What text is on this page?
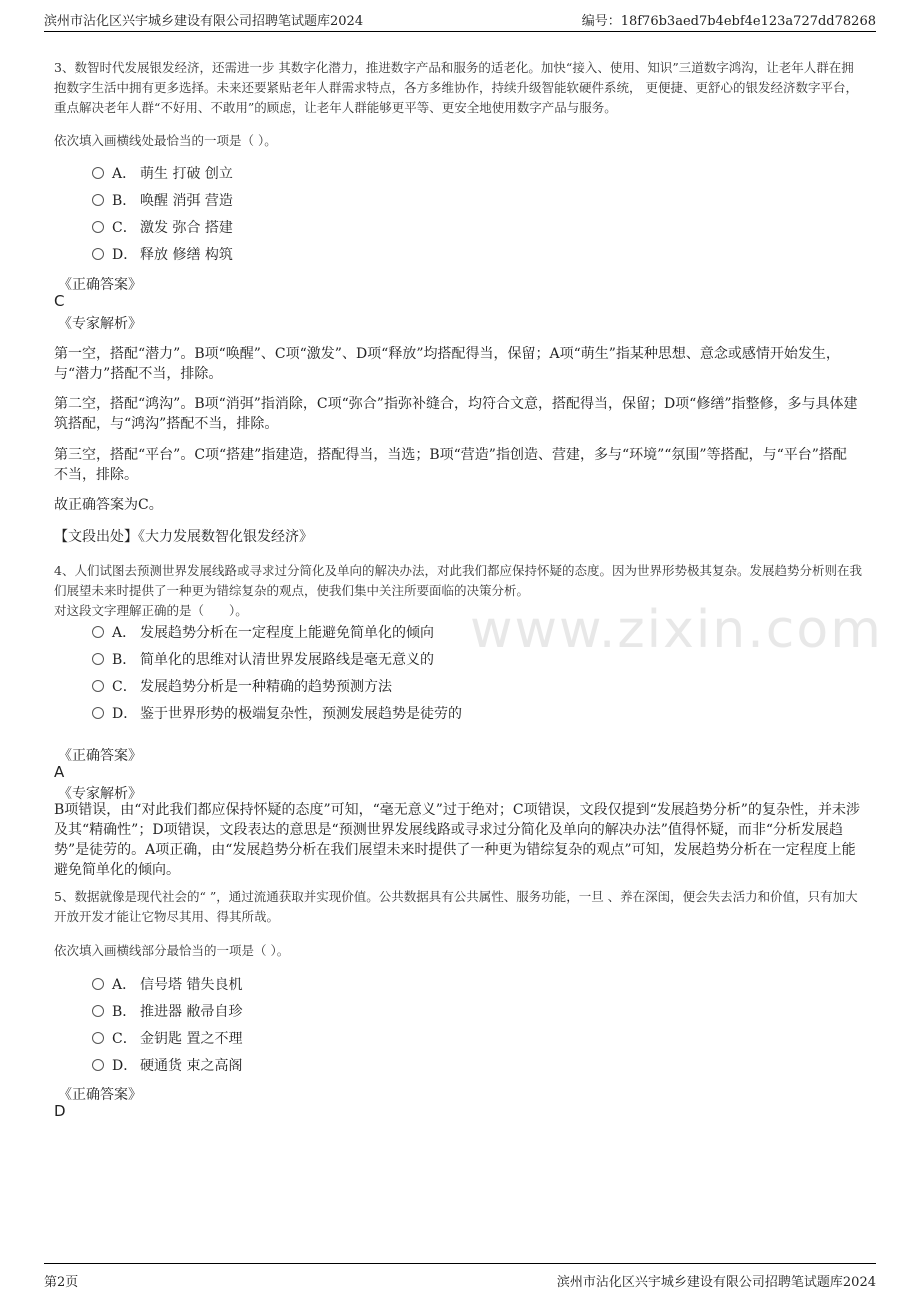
滨州市沾化区兴宇城乡建设有限公司招聘笔试题库2024	编号：18f76b3aed7b4ebf4e123a727dd78268
www.zixin.com
3、数智时代发展银发经济，还需进一步 其数字化潜力，推进数字产品和服务的适老化。加快“接入、使用、知识”三道数字鸿沟，让老年人群在拥抱数字生活中拥有更多选择。未来还要紧贴老年人群需求特点，各方多维协作，持续升级智能软硬件系统， 更便捷、更舒心的银发经济数字平台，重点解决老年人群“不好用、不敢用”的顾虑，让老年人群能够更平等、更安全地使用数字产品与服务。
依次填入画横线处最恰当的一项是（ ）。
A． 萌生 打破 创立
B． 唤醒 消弭 营造
C． 激发 弥合 搭建
D． 释放 修缮 构筑
《正确答案》
C
《专家解析》
第一空，搭配“潜力”。B项“唤醒”、C项“激发”、D项“释放”均搭配得当，保留；A项“萌生”指某种思想、意念或感情开始发生，与“潜力”搭配不当，排除。
第二空，搭配“鸿沟”。B项“消弭”指消除，C项“弥合”指弥补缝合，均符合文意，搭配得当，保留；D项“修缮”指整修，多与具体建筑搭配，与“鸿沟”搭配不当，排除。
第三空，搭配“平台”。C项“搭建”指建造，搭配得当，当选；B项“营造”指创造、营建，多与“环境”“氛围”等搭配，与“平台”搭配不当，排除。
故正确答案为C。
【文段出处】《大力发展数智化银发经济》
4、人们试图去预测世界发展线路或寻求过分简化及单向的解决办法，对此我们都应保持怀疑的态度。因为世界形势极其复杂。发展趋势分析则在我们展望未来时提供了一种更为错综复杂的观点，使我们集中关注所要面临的决策分析。
对这段文字理解正确的是（　　）。
A． 发展趋势分析在一定程度上能避免简单化的倾向
B． 简单化的思维对认清世界发展路线是毫无意义的
C． 发展趋势分析是一种精确的趋势预测方法
D． 鉴于世界形势的极端复杂性，预测发展趋势是徒劳的
《正确答案》
A
《专家解析》
B项错误，由“对此我们都应保持怀疑的态度”可知，“毫无意义”过于绝对；C项错误，文段仅提到“发展趋势分析”的复杂性，并未涉及其“精确性”；D项错误，文段表达的意思是“预测世界发展线路或寻求过分简化及单向的解决办法”值得怀疑，而非“分析发展趋势”是徒劳的。A项正确，由“发展趋势分析在我们展望未来时提供了一种更为错综复杂的观点”可知，发展趋势分析在一定程度上能避免简单化的倾向。
5、数据就像是现代社会的“ ”，通过流通获取并实现价值。公共数据具有公共属性、服务功能，一旦 、养在深闺，便会失去活力和价值，只有加大开放开发才能让它物尽其用、得其所哉。
依次填入画横线部分最恰当的一项是（ ）。
A． 信号塔 错失良机
B． 推进器 敝帚自珍
C． 金钥匙 置之不理
D． 硬通货 束之高阁
《正确答案》
D
第2页	滨州市沾化区兴宇城乡建设有限公司招聘笔试题库2024
